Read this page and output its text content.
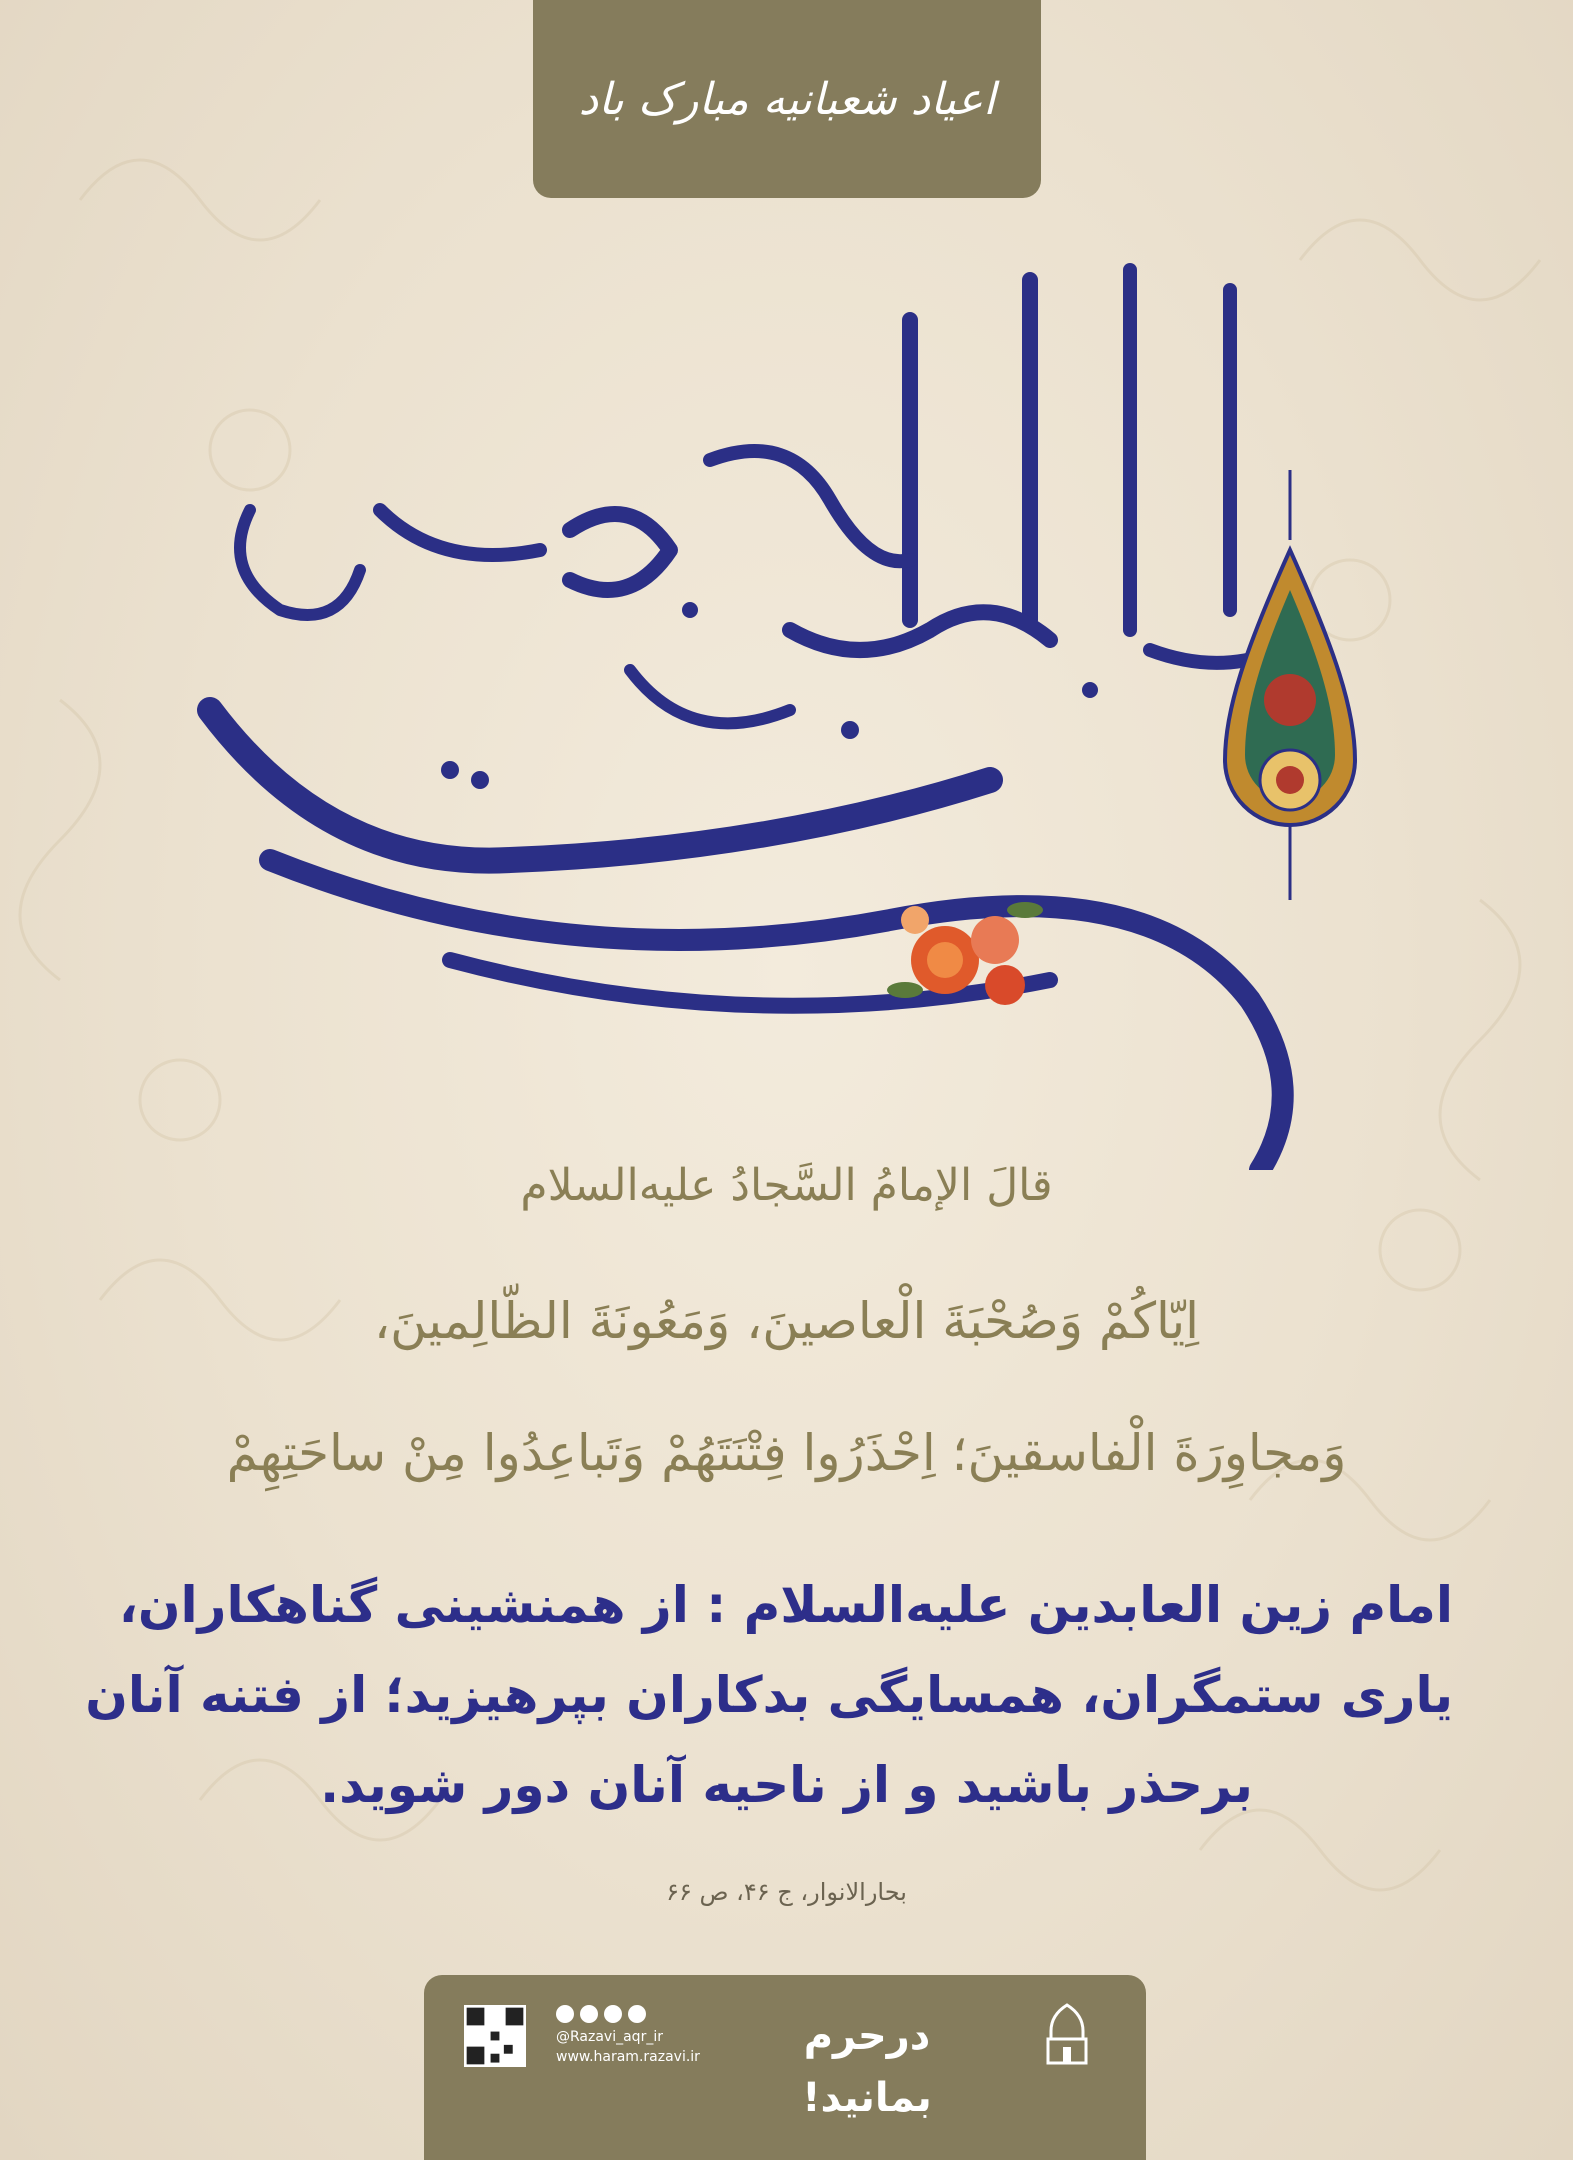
اعیاد شعبانیه مبارک باد
قالَ الإمامُ السَّجادُ علیه‌السلام
اِیّاکُمْ وَصُحْبَةَ الْعاصینَ، وَمَعُونَةَ الظّالِمینَ،
وَمجاوِرَةَ الْفاسقینَ؛ اِحْذَرُوا فِتْنَتَهُمْ وَتَباعِدُوا مِنْ ساحَتِهِمْ
امام زین العابدین علیه‌السلام : از همنشینی گناهکاران،
یاری ستمگران، همسایگی بدکاران بپرهیزید؛ از فتنه آنان
برحذر باشید و از ناحیه آنان دور شوید.
بحارالانوار، ج ۴۶، ص ۶۶
@Razavi_aqr_ir
www.haram.razavi.ir	درحرم بمانید!
